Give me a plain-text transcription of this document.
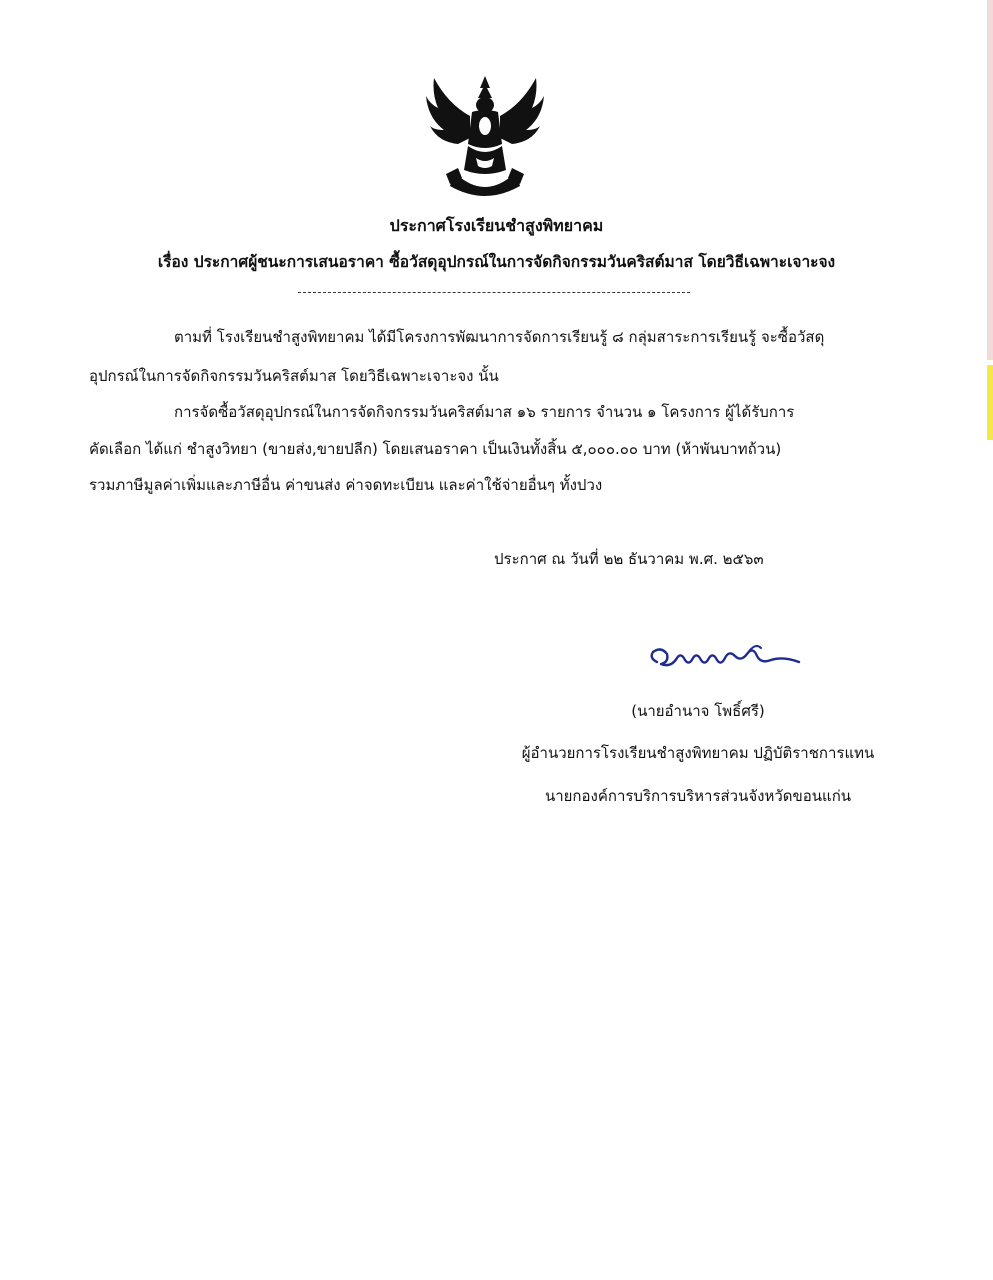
ประกาศโรงเรียนชำสูงพิทยาคม
เรื่อง ประกาศผู้ชนะการเสนอราคา ซื้อวัสดุอุปกรณ์ในการจัดกิจกรรมวันคริสต์มาส โดยวิธีเฉพาะเจาะจง
ตามที่ โรงเรียนชำสูงพิทยาคม ได้มีโครงการพัฒนาการจัดการเรียนรู้ ๘ กลุ่มสาระการเรียนรู้ จะซื้อวัสดุ
อุปกรณ์ในการจัดกิจกรรมวันคริสต์มาส โดยวิธีเฉพาะเจาะจง นั้น
การจัดซื้อวัสดุอุปกรณ์ในการจัดกิจกรรมวันคริสต์มาส ๑๖ รายการ จำนวน ๑ โครงการ ผู้ได้รับการ
คัดเลือก ได้แก่ ชำสูงวิทยา (ขายส่ง,ขายปลีก) โดยเสนอราคา เป็นเงินทั้งสิ้น ๕,๐๐๐.๐๐ บาท (ห้าพันบาทถ้วน)
รวมภาษีมูลค่าเพิ่มและภาษีอื่น ค่าขนส่ง ค่าจดทะเบียน และค่าใช้จ่ายอื่นๆ ทั้งปวง
ประกาศ ณ วันที่ ๒๒ ธันวาคม พ.ศ. ๒๕๖๓
(นายอำนาจ โพธิ์ศรี)
ผู้อำนวยการโรงเรียนชำสูงพิทยาคม ปฏิบัติราชการแทน
นายกองค์การบริการบริหารส่วนจังหวัดขอนแก่น
